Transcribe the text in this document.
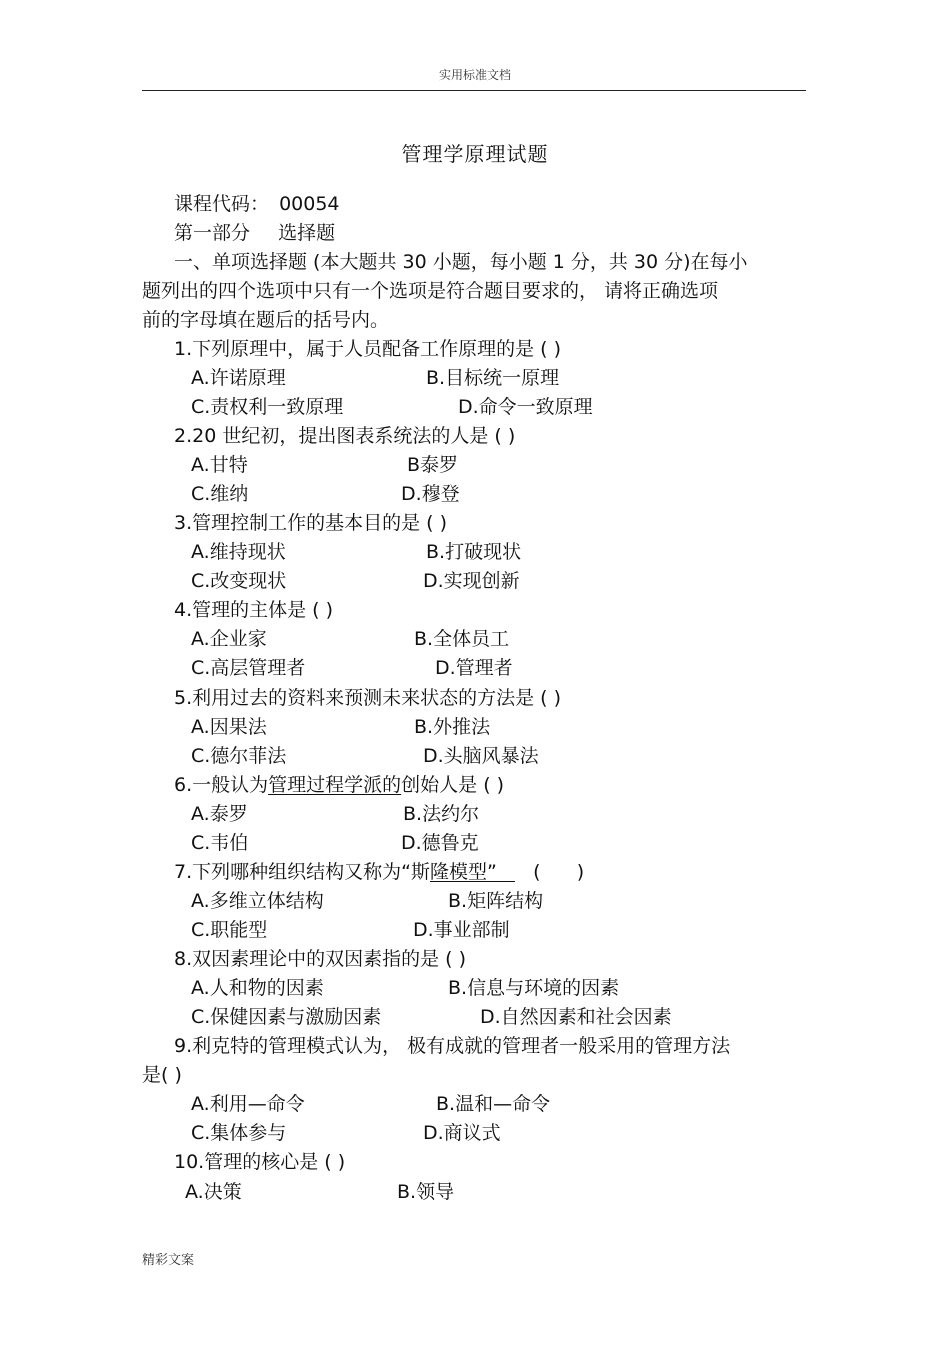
实用标准文档
管理学原理试题
课程代码： 00054
第一部分 选择题
一、单项选择题 (本大题共 30 小题，每小题 1 分，共 30 分)在每小
题列出的四个选项中只有一个选项是符合题目要求的， 请将正确选项
前的字母填在题后的括号内。
1.下列原理中，属于人员配备工作原理的是 ( )
A.许诺原理	B.目标统一原理
C.责权利一致原理	D.命令一致原理
2.20 世纪初，提出图表系统法的人是 ( )
A.甘特	B泰罗
C.维纳	D.穆登
3.管理控制工作的基本目的是 ( )
A.维持现状	B.打破现状
C.改变现状	D.实现创新
4.管理的主体是 ( )
A.企业家	B.全体员工
C.高层管理者	D.管理者
5.利用过去的资料来预测未来状态的方法是 ( )
A.因果法	B.外推法
C.德尔菲法	D.头脑风暴法
6.一般认为管理过程学派的创始人是 ( )
A.泰罗	B.法约尔
C.韦伯	D.德鲁克
7.下列哪种组织结构又称为“斯隆模型”      (      )
A.多维立体结构	B.矩阵结构
C.职能型	D.事业部制
8.双因素理论中的双因素指的是 ( )
A.人和物的因素	B.信息与环境的因素
C.保健因素与激励因素	D.自然因素和社会因素
9.利克特的管理模式认为， 极有成就的管理者一般采用的管理方法
是( )
A.利用—命令	B.温和—命令
C.集体参与	D.商议式
10.管理的核心是 ( )
A.决策	B.领导
精彩文案
